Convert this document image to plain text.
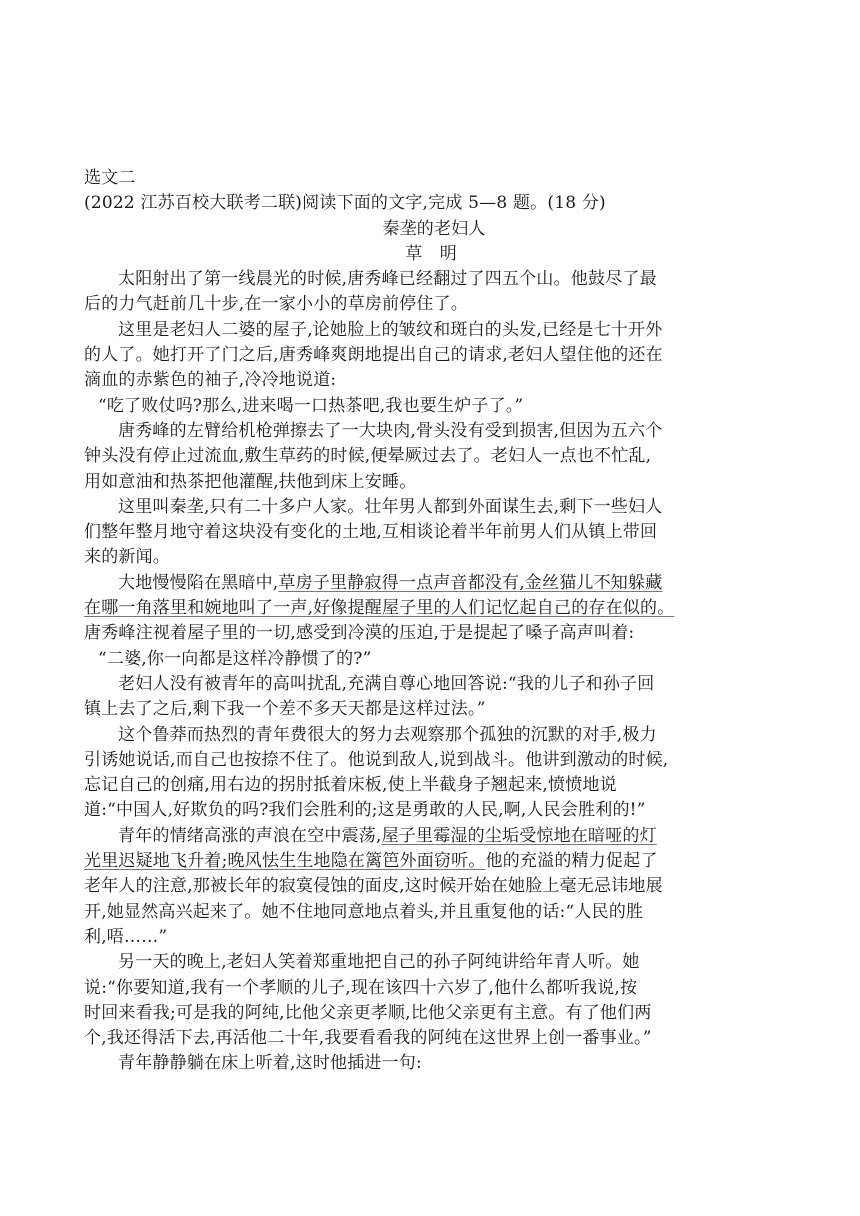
选文二
(2022 江苏百校大联考二联)阅读下面的文字,完成 5—8 题。(18 分)
秦垄的老妇人
草 明
太阳射出了第一线晨光的时候,唐秀峰已经翻过了四五个山。他鼓尽了最
后的力气赶前几十步,在一家小小的草房前停住了。
这里是老妇人二婆的屋子,论她脸上的皱纹和斑白的头发,已经是七十开外
的人了。她打开了门之后,唐秀峰爽朗地提出自己的请求,老妇人望住他的还在
滴血的赤紫色的袖子,冷冷地说道:
“吃了败仗吗?那么,进来喝一口热茶吧,我也要生炉子了。”
唐秀峰的左臂给机枪弹擦去了一大块肉,骨头没有受到损害,但因为五六个
钟头没有停止过流血,敷生草药的时候,便晕厥过去了。老妇人一点也不忙乱,
用如意油和热茶把他灌醒,扶他到床上安睡。
这里叫秦垄,只有二十多户人家。壮年男人都到外面谋生去,剩下一些妇人
们整年整月地守着这块没有变化的土地,互相谈论着半年前男人们从镇上带回
来的新闻。
大地慢慢陷在黑暗中,草房子里静寂得一点声音都没有,金丝猫儿不知躲藏
在哪一角落里和婉地叫了一声,好像提醒屋子里的人们记忆起自己的存在似的。
唐秀峰注视着屋子里的一切,感受到冷漠的压迫,于是提起了嗓子高声叫着:
“二婆,你一向都是这样冷静惯了的?”
老妇人没有被青年的高叫扰乱,充满自尊心地回答说:“我的儿子和孙子回
镇上去了之后,剩下我一个差不多天天都是这样过法。”
这个鲁莽而热烈的青年费很大的努力去观察那个孤独的沉默的对手,极力
引诱她说话,而自己也按捺不住了。他说到敌人,说到战斗。他讲到激动的时候,
忘记自己的创痛,用右边的拐肘抵着床板,使上半截身子翘起来,愤愤地说
道:“中国人,好欺负的吗?我们会胜利的;这是勇敢的人民,啊,人民会胜利的!”
青年的情绪高涨的声浪在空中震荡,屋子里霉湿的尘垢受惊地在暗哑的灯
光里迟疑地飞升着;晚风怯生生地隐在篱笆外面窃听。他的充溢的精力促起了
老年人的注意,那被长年的寂寞侵蚀的面皮,这时候开始在她脸上毫无忌讳地展
开,她显然高兴起来了。她不住地同意地点着头,并且重复他的话:“人民的胜
利,唔……”
另一天的晚上,老妇人笑着郑重地把自己的孙子阿纯讲给年青人听。她
说:“你要知道,我有一个孝顺的儿子,现在该四十六岁了,他什么都听我说,按
时回来看我;可是我的阿纯,比他父亲更孝顺,比他父亲更有主意。有了他们两
个,我还得活下去,再活他二十年,我要看看我的阿纯在这世界上创一番事业。”
青年静静躺在床上听着,这时他插进一句:
